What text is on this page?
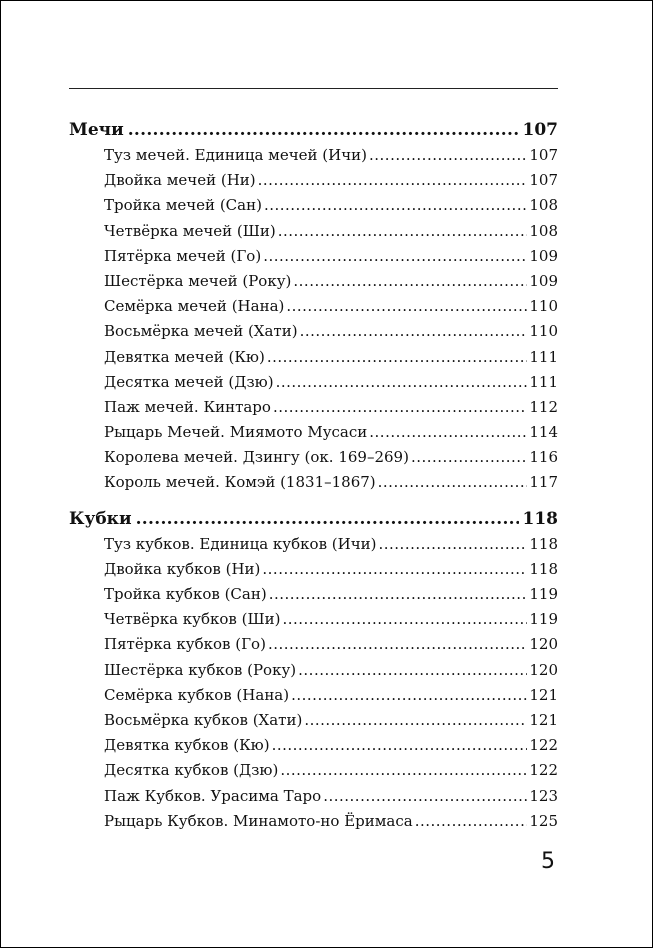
Мечи .....	107
Туз мечей. Единица мечей (Ичи) .....	107
Двойка мечей (Ни) .....	107
Тройка мечей (Сан) .....	108
Четвёрка мечей (Ши) .....	108
Пятёрка мечей (Го) .....	109
Шестёрка мечей (Року) .....	109
Семёрка мечей (Нана) .....	110
Восьмёрка мечей (Хати) .....	110
Девятка мечей (Кю) .....	111
Десятка мечей (Дзю) .....	111
Паж мечей. Кинтаро .....	112
Рыцарь Мечей. Миямото Мусаси .....	114
Королева мечей. Дзингу (ок. 169–269) .....	116
Король мечей. Комэй (1831–1867) .....	117
Кубки .....	118
Туз кубков. Единица кубков (Ичи) .....	118
Двойка кубков (Ни) .....	118
Тройка кубков (Сан) .....	119
Четвёрка кубков (Ши) .....	119
Пятёрка кубков (Го) .....	120
Шестёрка кубков (Року) .....	120
Семёрка кубков (Нана) .....	121
Восьмёрка кубков (Хати) .....	121
Девятка кубков (Кю) .....	122
Десятка кубков (Дзю) .....	122
Паж Кубков. Урасима Таро .....	123
Рыцарь Кубков. Минамото-но Ёримаса .....	125
5
